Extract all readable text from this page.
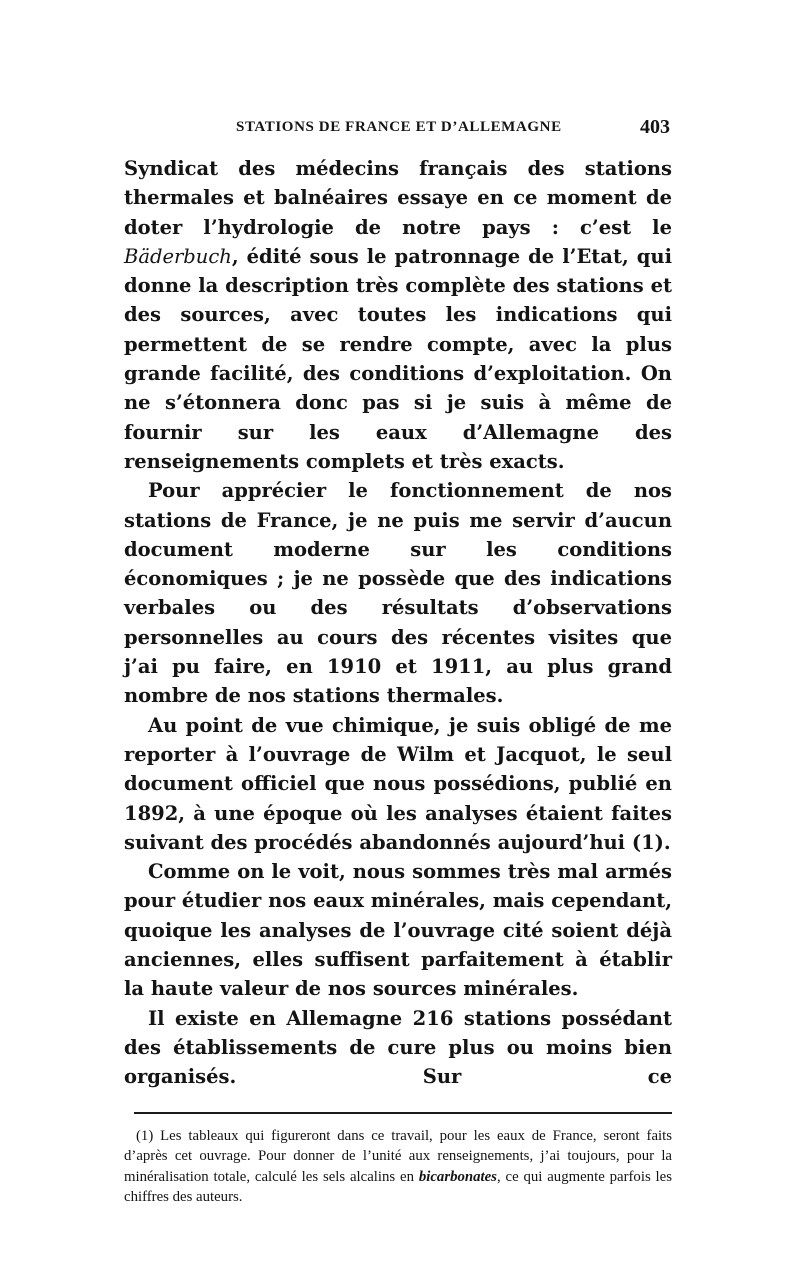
STATIONS DE FRANCE ET D’ALLEMAGNE	403

Syndicat des médecins français des stations thermales et balnéaires essaye en ce moment de doter l’hydrologie de notre pays : c’est le Bäderbuch, édité sous le patronnage de l’Etat, qui donne la description très complète des stations et des sources, avec toutes les indications qui permettent de se rendre compte, avec la plus grande facilité, des conditions d’exploitation. On ne s’étonnera donc pas si je suis à même de fournir sur les eaux d’Allemagne des renseignements complets et très exacts.

Pour apprécier le fonctionnement de nos stations de France, je ne puis me servir d’aucun document moderne sur les conditions économiques ; je ne possède que des indications verbales ou des résultats d’observations personnelles au cours des récentes visites que j’ai pu faire, en 1910 et 1911, au plus grand nombre de nos stations thermales.

Au point de vue chimique, je suis obligé de me reporter à l’ouvrage de Wilm et Jacquot, le seul document officiel que nous possédions, publié en 1892, à une époque où les analyses étaient faites suivant des procédés abandonnés aujourd’hui (1).

Comme on le voit, nous sommes très mal armés pour étudier nos eaux minérales, mais cependant, quoique les analyses de l’ouvrage cité soient déjà anciennes, elles suffisent parfaitement à établir la haute valeur de nos sources minérales.

Il existe en Allemagne 216 stations possédant des établissements de cure plus ou moins bien organisés. Sur ce

(1) Les tableaux qui figureront dans ce travail, pour les eaux de France, seront faits d’après cet ouvrage. Pour donner de l’unité aux renseignements, j’ai toujours, pour la minéralisation totale, calculé les sels alcalins en bicarbonates, ce qui augmente parfois les chiffres des auteurs.
